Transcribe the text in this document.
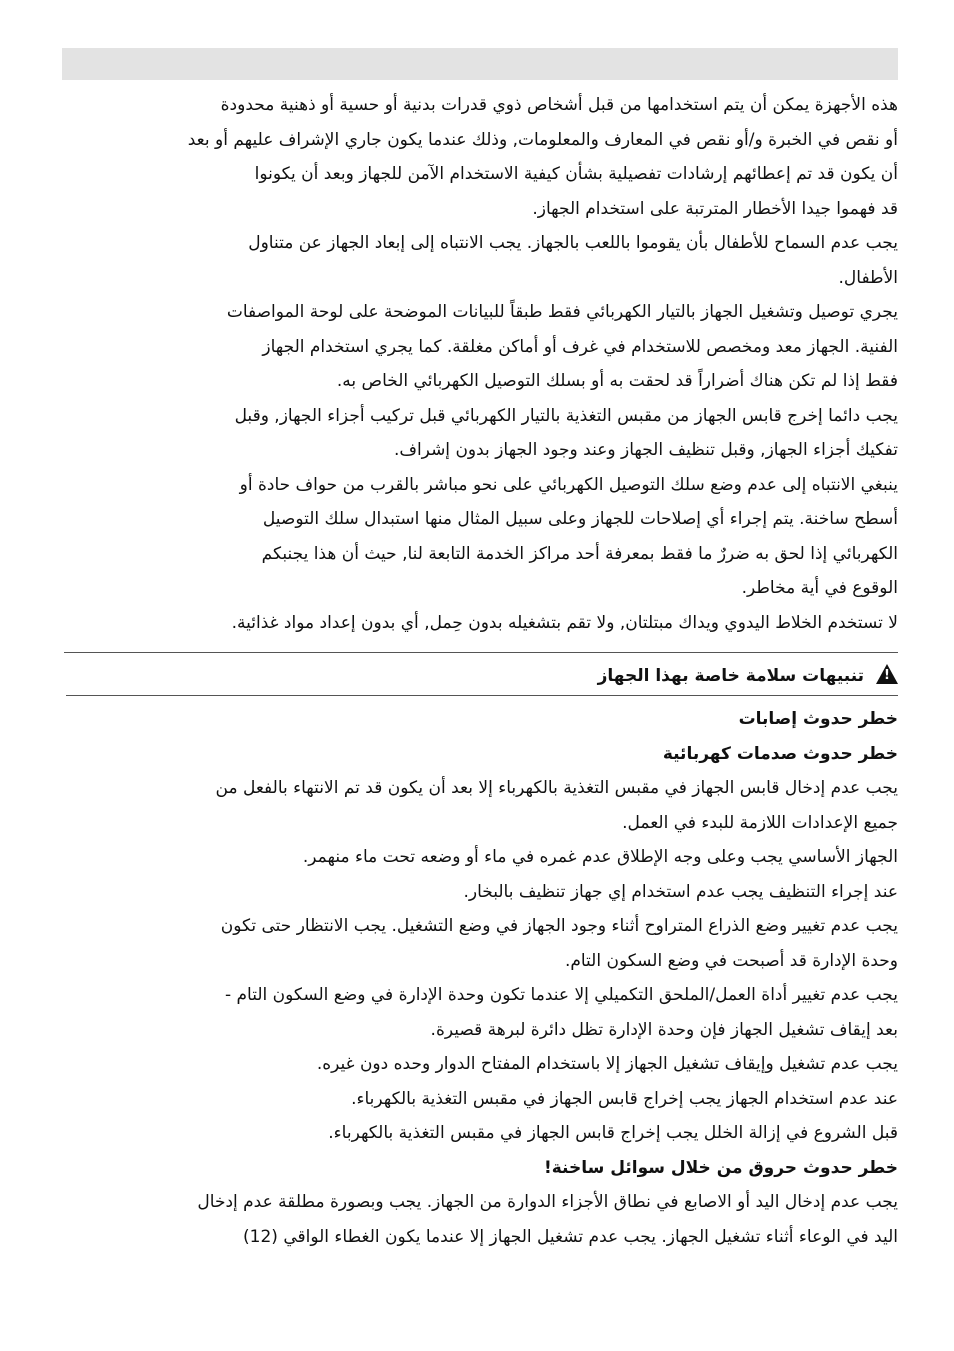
هذه الأجهزة يمكن أن يتم استخدامها من قبل أشخاص ذوي قدرات بدنية أو حسية أو ذهنية محدودة

أو نقص في الخبرة و/أو نقص في المعارف والمعلومات, وذلك عندما يكون جاري الإشراف عليهم أو بعد

أن يكون قد تم إعطائهم إرشادات تفصيلية بشأن كيفية الاستخدام الآمن للجهاز وبعد أن يكونوا

قد فهموا جيدا الأخطار المترتبة على استخدام الجهاز.

يجب عدم السماح للأطفال بأن يقوموا باللعب بالجهاز. يجب الانتباه إلى إبعاد الجهاز عن متناول

الأطفال.

يجري توصيل وتشغيل الجهاز بالتيار الكهربائي فقط طبقاً للبيانات الموضحة على لوحة المواصفات

الفنية. الجهاز معد ومخصص للاستخدام في غرف أو أماكن مغلقة. كما يجري استخدام الجهاز

فقط إذا لم تكن هناك أضراراً قد لحقت به أو بسلك التوصيل الكهربائي الخاص به.

يجب دائما إخرج قابس الجهاز من مقبس التغذية بالتيار الكهربائي قبل تركيب أجزاء الجهاز, وقبل

تفكيك أجزاء الجهاز, وقبل تنظيف الجهاز وعند وجود الجهاز بدون إشراف.

ينبغي الانتباه إلى عدم وضع سلك التوصيل الكهربائي على نحو مباشر بالقرب من حواف حادة أو

أسطح ساخنة. يتم إجراء أي إصلاحات للجهاز وعلى سبيل المثال منها استبدال سلك التوصيل

الكهربائي إذا لحق به ضررٌ ما فقط بمعرفة أحد مراكز الخدمة التابعة لنا, حيث أن هذا يجنبكم

الوقوع في أية مخاطر.

لا تستخدم الخلاط اليدوي ويداك مبتلتان, ولا تقم بتشغيله بدون حِمل, أي بدون إعداد مواد غذائية.

! تنبيهات سلامة خاصة بهذا الجهاز

خطر حدوث إصابات

خطر حدوث صدمات كهربائية

يجب عدم إدخال قابس الجهاز في مقبس التغذية بالكهرباء إلا بعد أن يكون قد تم الانتهاء بالفعل من

جميع الإعدادات اللازمة للبدء في العمل.

الجهاز الأساسي يجب وعلى وجه الإطلاق عدم غمره في ماء أو وضعه تحت ماء منهمر.

عند إجراء التنظيف يجب عدم استخدام إي جهاز تنظيف بالبخار.

يجب عدم تغيير وضع الذراع المتراوح أثناء وجود الجهاز في وضع التشغيل. يجب الانتظار حتى تكون

وحدة الإدارة قد أصبحت في وضع السكون التام.

يجب عدم تغيير أداة العمل/الملحق التكميلي إلا عندما تكون وحدة الإدارة في وضع السكون التام -

بعد إيقاف تشغيل الجهاز فإن وحدة الإدارة تظل دائرة لبرهة قصيرة.

يجب عدم تشغيل وإيقاف تشغيل الجهاز إلا باستخدام المفتاح الدوار وحده دون غيره.

عند عدم استخدام الجهاز يجب إخراج قابس الجهاز في مقبس التغذية بالكهرباء.

قبل الشروع في إزالة الخلل يجب إخراج قابس الجهاز في مقبس التغذية بالكهرباء.

خطر حدوث حروق من خلال سوائل ساخنة!

يجب عدم إدخال اليد أو الاصابع في نطاق الأجزاء الدوارة من الجهاز. يجب وبصورة مطلقة عدم إدخال

اليد في الوعاء أثناء تشغيل الجهاز. يجب عدم تشغيل الجهاز إلا عندما يكون الغطاء الواقي (12)
